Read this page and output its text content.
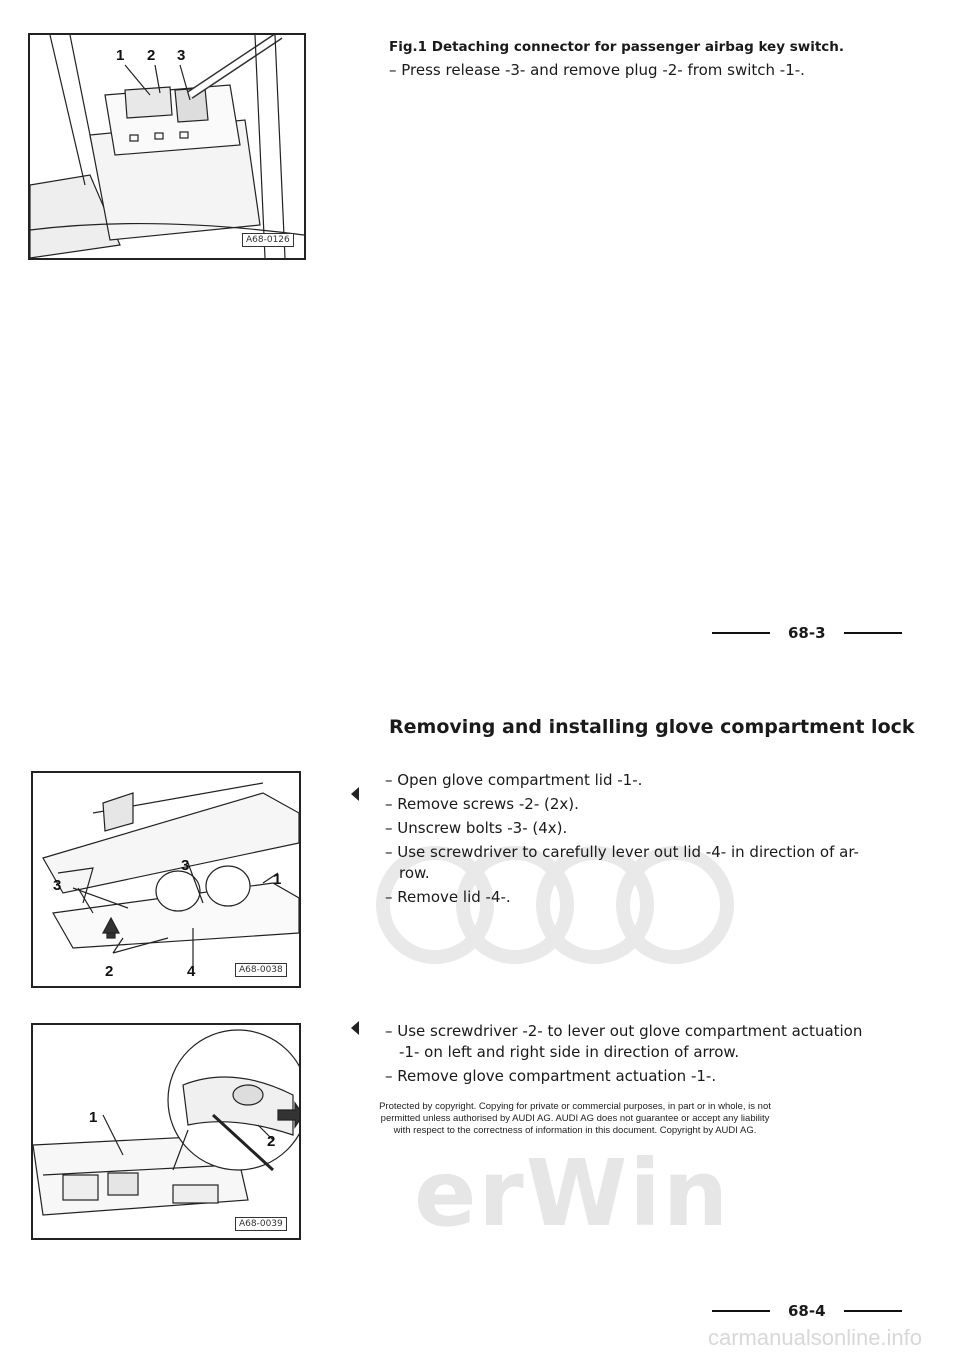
1 2 3
A68-0126
Fig.1 Detaching connector for passenger airbag key switch.
– Press release -3- and remove plug -2- from switch -1-.
68-3
Removing and installing glove compartment lock
3
3
1
2	4	A68-0038
– Open glove compartment lid -1-.
– Remove screws -2- (2x).
– Unscrew bolts -3- (4x).
– Use screwdriver to carefully lever out lid -4- in direction of ar-row.
– Remove lid -4-.
1
2
A68-0039
– Use screwdriver -2- to lever out glove compartment actuation -1- on left and right side in direction of arrow.
– Remove glove compartment actuation -1-.
Protected by copyright. Copying for private or commercial purposes, in part or in whole, is not
permitted unless authorised by AUDI AG. AUDI AG does not guarantee or accept any liability
with respect to the correctness of information in this document. Copyright by AUDI AG.
erWin
68-4
carmanualsonline.info
